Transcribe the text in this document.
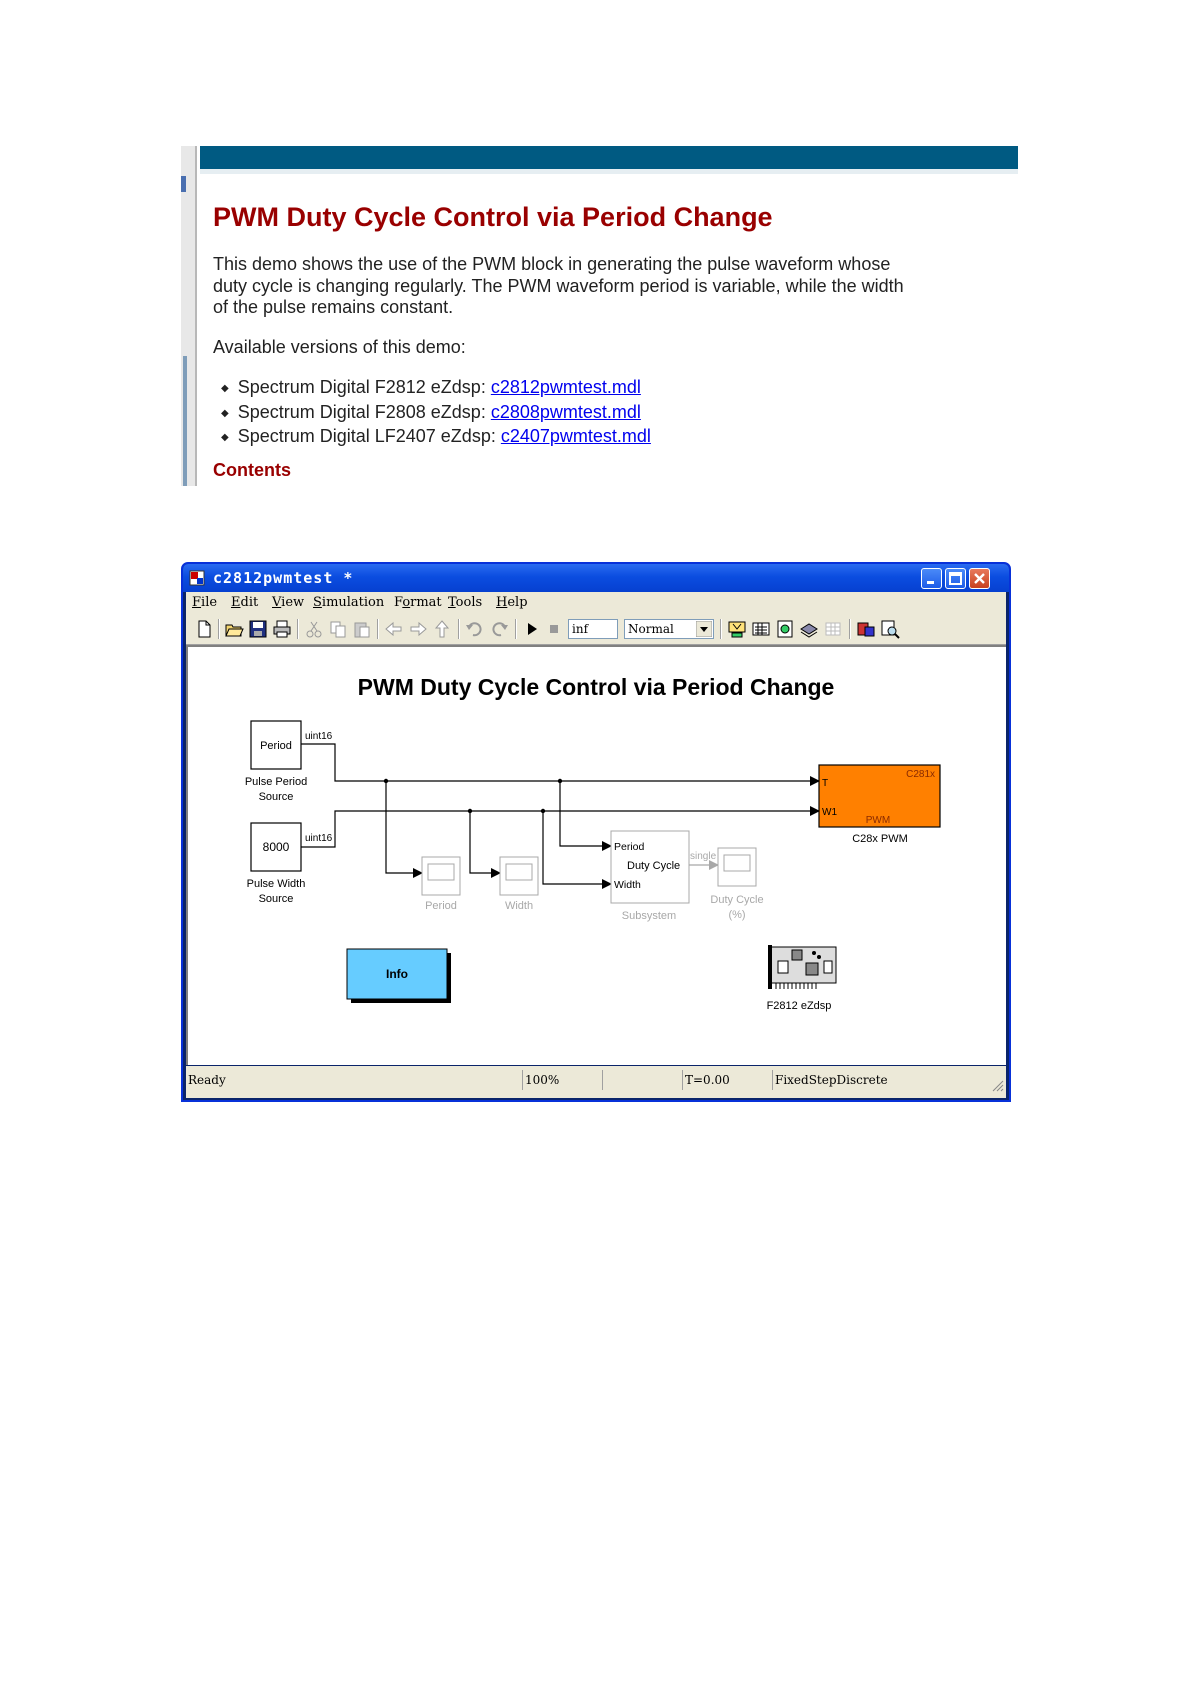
PWM Duty Cycle Control via Period Change
This demo shows the use of the PWM block in generating the pulse waveform whose
duty cycle is changing regularly. The PWM waveform period is variable, while the width
of the pulse remains constant.
Available versions of this demo:
◆ Spectrum Digital F2812 eZdsp: c2812pwmtest.mdl
◆ Spectrum Digital F2808 eZdsp: c2808pwmtest.mdl
◆ Spectrum Digital LF2407 eZdsp: c2407pwmtest.mdl
Contents
c2812pwmtest *
File Edit View Simulation Format Tools Help
inf	Normal
PWM Duty Cycle Control via Period Change
Period
uint16
Pulse Period
Source
8000
uint16
Pulse Width
Source
Period	Width
Period
Duty Cycle
Width
Subsystem
single
Duty Cycle
(%)
T
W1
C281x
PWM
C28x PWM
Info
F2812 eZdsp
Ready	100%	T=0.00	FixedStepDiscrete
